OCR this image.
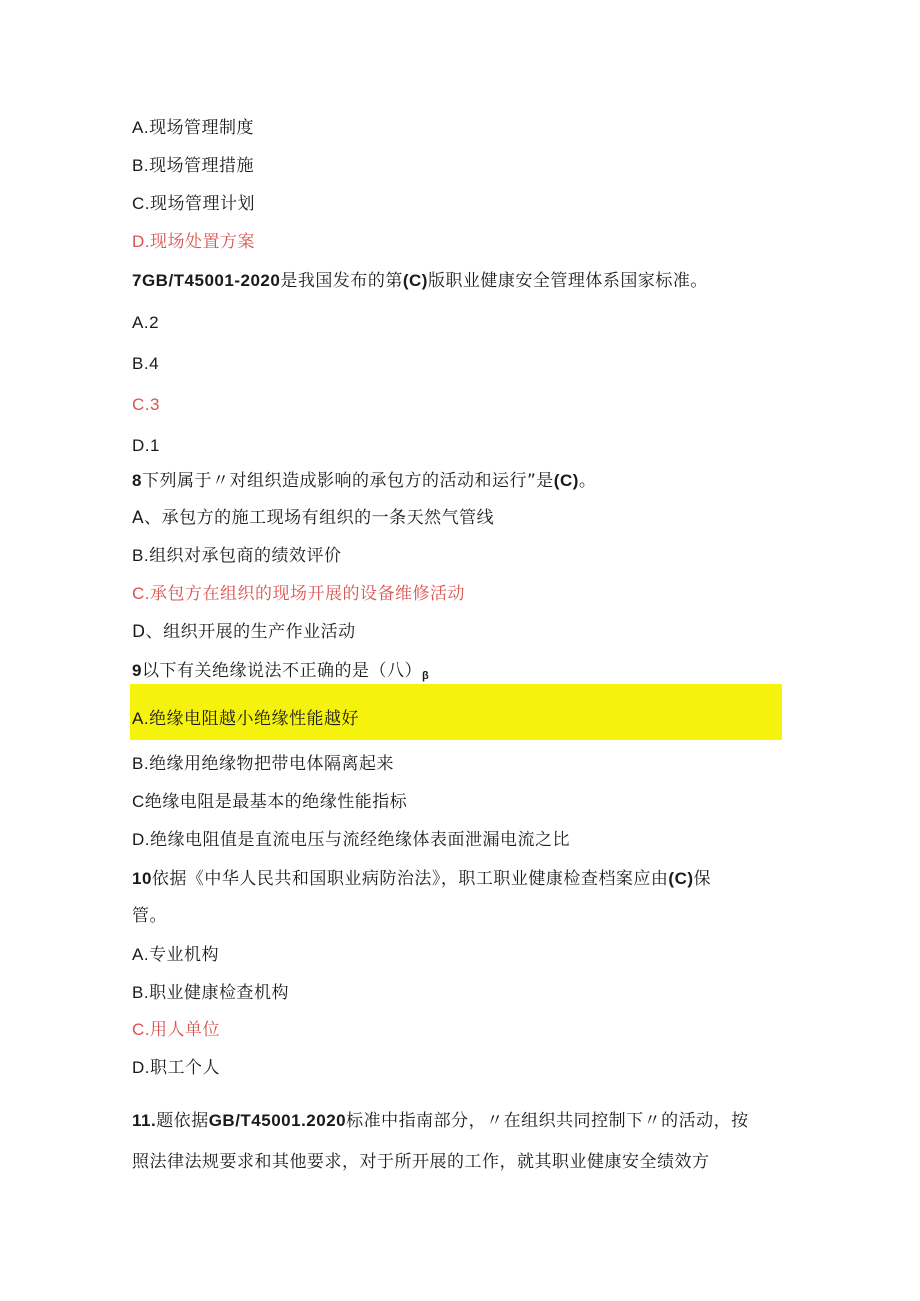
A.现场管理制度
B.现场管理措施
C.现场管理计划
D.现场处置方案
7GB/T45001-2020是我国发布的第(C)版职业健康安全管理体系国家标准。
A.2
B.4
C.3
D.1
8下列属于〃对组织造成影响的承包方的活动和运行”是(C)。
A、承包方的施工现场有组织的一条天然气管线
B.组织对承包商的绩效评价
C.承包方在组织的现场开展的设备维修活动
D、组织开展的生产作业活动
9以下有关绝缘说法不正确的是（八）β
A.绝缘电阻越小绝缘性能越好
B.绝缘用绝缘物把带电体隔离起来
C绝缘电阻是最基本的绝缘性能指标
D.绝缘电阻值是直流电压与流经绝缘体表面泄漏电流之比
10依据《中华人民共和国职业病防治法》，职工职业健康检查档案应由(C)保
管。
A.专业机构
B.职业健康检查机构
C.用人单位
D.职工个人
11.题依据GB/T45001.2020标准中指南部分，〃在组织共同控制下〃的活动，按
照法律法规要求和其他要求，对于所开展的工作，就其职业健康安全绩效方
